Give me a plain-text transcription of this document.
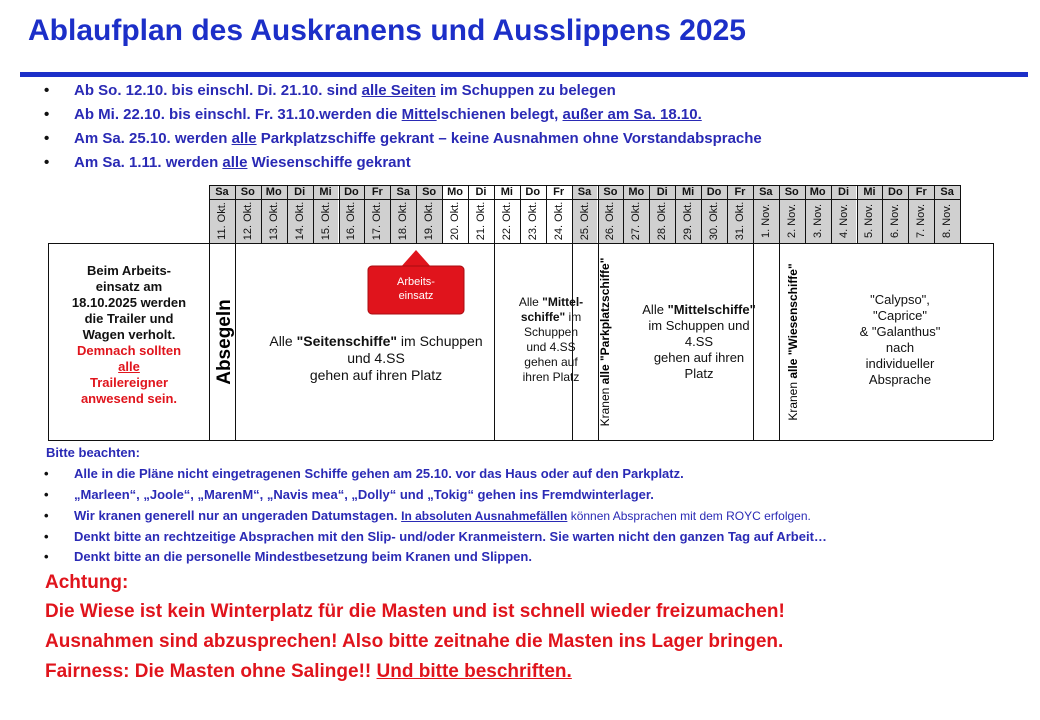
Ablaufplan des Auskranens und Ausslippens 2025
• Ab So. 12.10. bis einschl. Di. 21.10. sind alle Seiten im Schuppen zu belegen
• Ab Mi. 22.10. bis einschl. Fr. 31.10.werden die Mittelschienen belegt, außer am Sa. 18.10.
• Am Sa. 25.10. werden alle Parkplatzschiffe gekrant – keine Ausnahmen ohne Vorstandabsprache
• Am Sa. 1.11. werden alle Wiesenschiffe gekrant
Sa
11. Okt.
So
12. Okt.
Mo
13. Okt.
Di
14. Okt.
Mi
15. Okt.
Do
16. Okt.
Fr
17. Okt.
Sa
18. Okt.
So
19. Okt.
Mo
20. Okt.
Di
21. Okt.
Mi
22. Okt.
Do
23. Okt.
Fr
24. Okt.
Sa
25. Okt.
So
26. Okt.
Mo
27. Okt.
Di
28. Okt.
Mi
29. Okt.
Do
30. Okt.
Fr
31. Okt.
Sa
1. Nov.
So
2. Nov.
Mo
3. Nov.
Di
4. Nov.
Mi
5. Nov.
Do
6. Nov.
Fr
7. Nov.
Sa
8. Nov.
Beim Arbeits-
einsatz am
18.10.2025 werden
die Trailer und
Wagen verholt.
Demnach sollten
alle
Trailereigner
anwesend sein.
Absegeln
Arbeits-
einsatz
Alle "Seitenschiffe" im Schuppen
und 4.SS
gehen auf ihren Platz
Alle "Mittel-
schiffe" im
Schuppen
und 4.SS
gehen auf
ihren Platz
Kranen alle "Parkplatzschiffe"	Alle "Mittelschiffe"
im Schuppen und
4.SS
gehen auf ihren
Platz
Kranen alle "Wiesenschiffe"	"Calypso",
"Caprice"
& "Galanthus"
nach
individueller
Absprache
Bitte beachten:
• Alle in die Pläne nicht eingetragenen Schiffe gehen am 25.10. vor das Haus oder auf den Parkplatz.
• „Marleen“, „Joole“, „MarenM“, „Navis mea“, „Dolly“ und „Tokig“ gehen ins Fremdwinterlager.
• Wir kranen generell nur an ungeraden Datumstagen. In absoluten Ausnahmefällen können Absprachen mit dem ROYC erfolgen.
• Denkt bitte an rechtzeitige Absprachen mit den Slip- und/oder Kranmeistern. Sie warten nicht den ganzen Tag auf Arbeit…
• Denkt bitte an die personelle Mindestbesetzung beim Kranen und Slippen.
Achtung:
Die Wiese ist kein Winterplatz für die Masten und ist schnell wieder freizumachen!
Ausnahmen sind abzusprechen! Also bitte zeitnahe die Masten ins Lager bringen.
Fairness: Die Masten ohne Salinge!! Und bitte beschriften.
